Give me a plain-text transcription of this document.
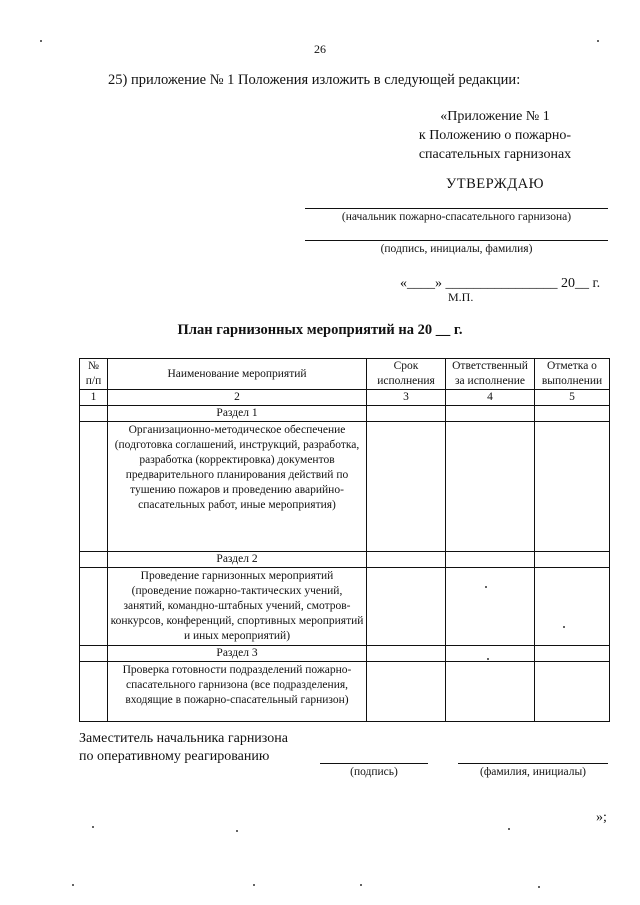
26
25) приложение № 1 Положения изложить в следующей редакции:
«Приложение № 1
к Положению о пожарно-
спасательных гарнизонах
УТВЕРЖДАЮ
(начальник пожарно-спасательного гарнизона)
(подпись, инициалы, фамилия)
«____» ________________ 20__ г.
М.П.
План гарнизонных мероприятий на 20 __ г.
№ п/п	Наименование мероприятий	Срок исполнения	Ответственный за исполнение	Отметка о выполнении
1	2	3	4	5
	Раздел 1			
	Организационно-методическое обеспечение (подготовка соглашений, инструкций, разработка, разработка (корректировка) документов предварительного планирования действий по тушению пожаров и проведению аварийно-спасательных работ, иные мероприятия)			
	Раздел 2			
	Проведение гарнизонных мероприятий (проведение пожарно-тактических учений, занятий, командно-штабных учений, смотров-конкурсов, конференций, спортивных мероприятий и иных мероприятий)			
	Раздел 3			
	Проверка готовности подразделений пожарно-спасательного гарнизона (все подразделения, входящие в пожарно-спасательный гарнизон)			
Заместитель начальника гарнизона
по оперативному реагированию
(подпись)	(фамилия, инициалы)
»;
